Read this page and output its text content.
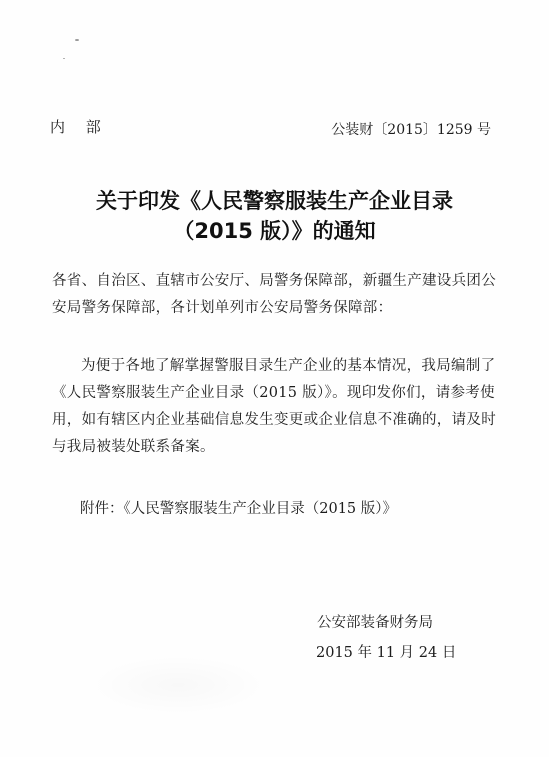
内 部	公装财〔2015〕1259 号
关于印发《人民警察服装生产企业目录
（2015 版）》的通知

各省、自治区、直辖市公安厅、局警务保障部，新疆生产建设兵团公安局警务保障部，各计划单列市公安局警务保障部：

为便于各地了解掌握警服目录生产企业的基本情况，我局编制了《人民警察服装生产企业目录（2015 版）》。现印发你们，请参考使用，如有辖区内企业基础信息发生变更或企业信息不准确的，请及时与我局被装处联系备案。

附件：《人民警察服装生产企业目录（2015 版）》
公安部装备财务局
2015 年 11 月 24 日
